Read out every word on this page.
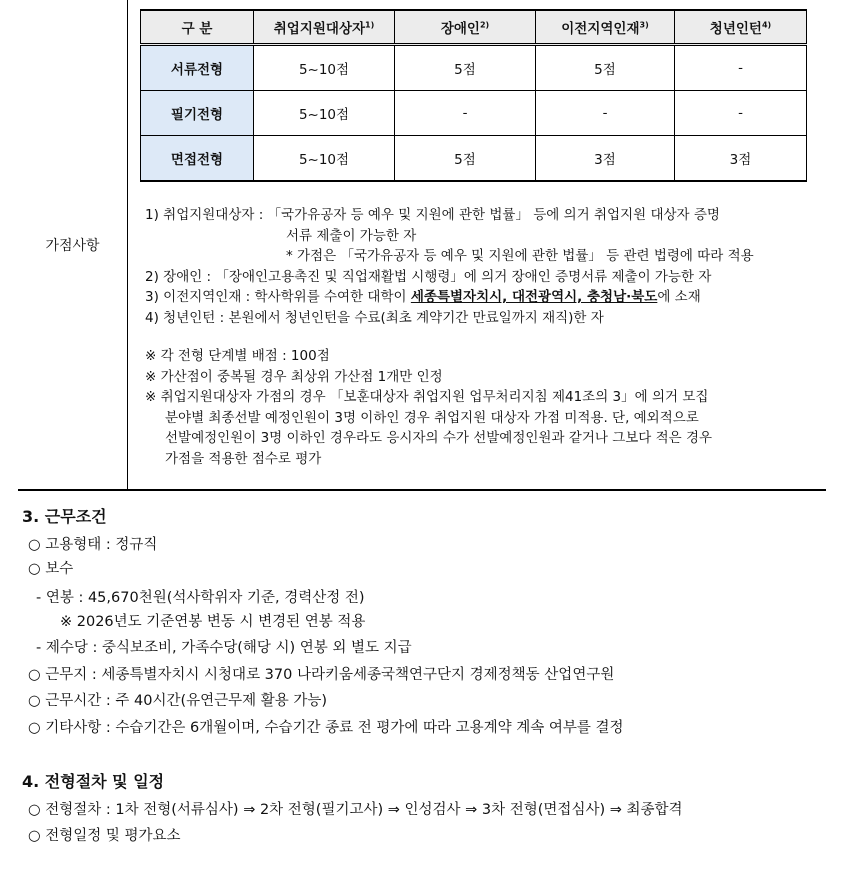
가점사항
구 분	취업지원대상자$^{1)}$	장애인$^{2)}$	이전지역인재$^{3)}$	청년인턴$^{4)}$
서류전형	5~10점	5점	5점	-
필기전형	5~10점	-	-	-
면접전형	5~10점	5점	3점	3점
1) 취업지원대상자 : 「국가유공자 등 예우 및 지원에 관한 법률」 등에 의거 취업지원 대상자 증명
서류 제출이 가능한 자
* 가점은 「국가유공자 등 예우 및 지원에 관한 법률」 등 관련 법령에 따라 적용
2) 장애인 : 「장애인고용촉진 및 직업재활법 시행령」에 의거 장애인 증명서류 제출이 가능한 자
3) 이전지역인재 : 학사학위를 수여한 대학이 세종특별자치시, 대전광역시, 충청남·북도에 소재
4) 청년인턴 : 본원에서 청년인턴을 수료(최초 계약기간 만료일까지 재직)한 자
※ 각 전형 단계별 배점 : 100점
※ 가산점이 중복될 경우 최상위 가산점 1개만 인정
※ 취업지원대상자 가점의 경우 「보훈대상자 취업지원 업무처리지침 제41조의 3」에 의거 모집
분야별 최종선발 예정인원이 3명 이하인 경우 취업지원 대상자 가점 미적용. 단, 예외적으로
선발예정인원이 3명 이하인 경우라도 응시자의 수가 선발예정인원과 같거나 그보다 적은 경우
가점을 적용한 점수로 평가
3. 근무조건
○ 고용형태 : 정규직
○ 보수
- 연봉 : 45,670천원(석사학위자 기준, 경력산정 전)
※ 2026년도 기준연봉 변동 시 변경된 연봉 적용
- 제수당 : 중식보조비, 가족수당(해당 시) 연봉 외 별도 지급
○ 근무지 : 세종특별자치시 시청대로 370 나라키움세종국책연구단지 경제정책동 산업연구원
○ 근무시간 : 주 40시간(유연근무제 활용 가능)
○ 기타사항 : 수습기간은 6개월이며, 수습기간 종료 전 평가에 따라 고용계약 계속 여부를 결정
4. 전형절차 및 일정
○ 전형절차 : 1차 전형(서류심사) ⇒ 2차 전형(필기고사) ⇒ 인성검사 ⇒ 3차 전형(면접심사) ⇒ 최종합격
○ 전형일정 및 평가요소
